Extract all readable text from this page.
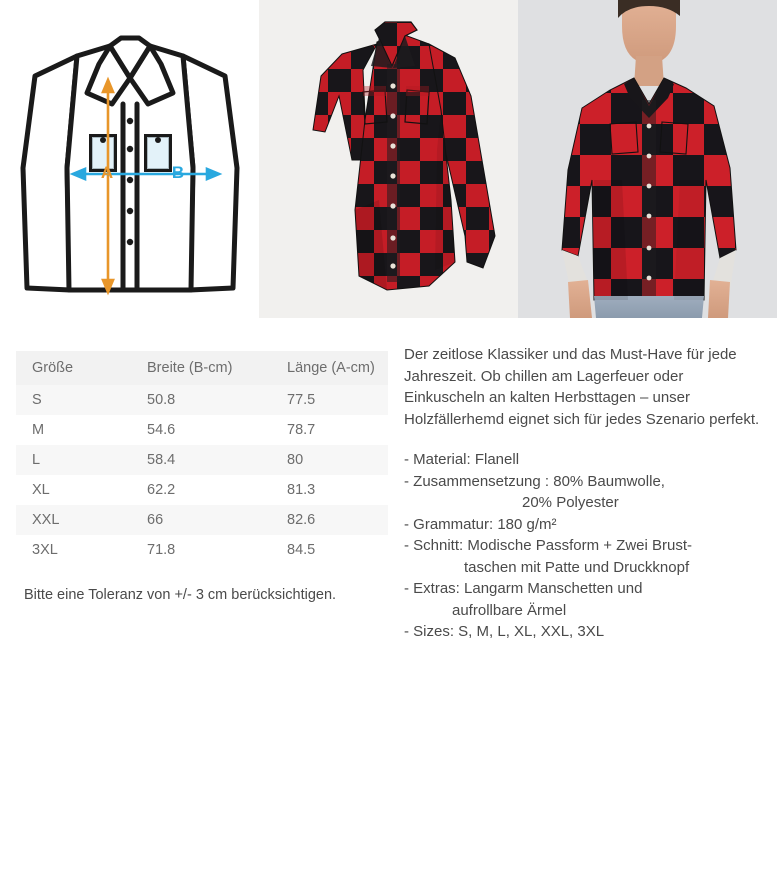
A	B
Größe	Breite (B-cm)	Länge (A-cm)
S	50.8	77.5
M	54.6	78.7
L	58.4	80
XL	62.2	81.3
XXL	66	82.6
3XL	71.8	84.5
Bitte eine Toleranz von +/- 3 cm berücksichtigen.

Der zeitlose Klassiker und das Must-Have für jede Jahreszeit. Ob chillen am Lagerfeuer oder Einkuscheln an kalten Herbsttagen – unser Holzfällerhemd eignet sich für jedes Szenario perfekt.

- Material: Flanell
- Zusammensetzung : 80% Baumwolle,
20% Polyester
- Grammatur: 180 g/m²
- Schnitt: Modische Passform + Zwei Brust-
taschen mit Patte und Druckknopf
- Extras: Langarm Manschetten und
aufrollbare Ärmel
- Sizes: S, M, L, XL, XXL, 3XL
